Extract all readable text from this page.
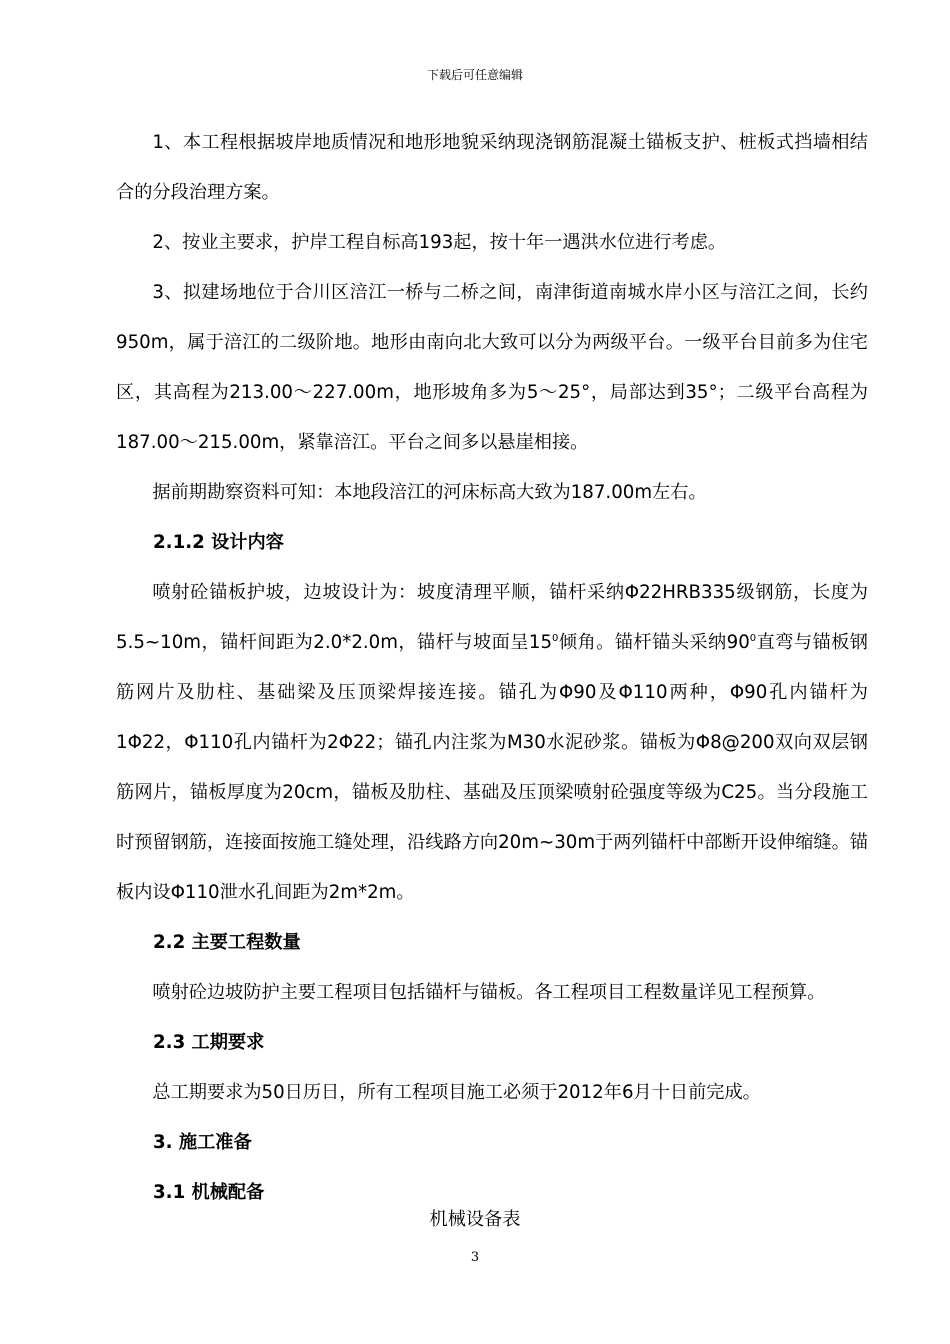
下载后可任意编辑

1、本工程根据坡岸地质情况和地形地貌采纳现浇钢筋混凝土锚板支护、桩板式挡墙相结合的分段治理方案。

2、按业主要求，护岸工程自标高193起，按十年一遇洪水位进行考虑。

3、拟建场地位于合川区涪江一桥与二桥之间，南津街道南城水岸小区与涪江之间，长约950m，属于涪江的二级阶地。地形由南向北大致可以分为两级平台。一级平台目前多为住宅区，其高程为213.00～227.00m，地形坡角多为5～25°，局部达到35°；二级平台高程为187.00～215.00m，紧靠涪江。平台之间多以悬崖相接。

据前期勘察资料可知：本地段涪江的河床标高大致为187.00m左右。

2.1.2 设计内容

喷射砼锚板护坡，边坡设计为：坡度清理平顺，锚杆采纳Φ22HRB335级钢筋，长度为5.5~10m，锚杆间距为2.0*2.0m，锚杆与坡面呈$15^0$倾角。锚杆锚头采纳$90^0$直弯与锚板钢筋网片及肋柱、基础梁及压顶梁焊接连接。锚孔为Φ90及Φ110两种，Φ90孔内锚杆为1Φ22，Φ110孔内锚杆为2Φ22；锚孔内注浆为M30水泥砂浆。锚板为Φ8@200双向双层钢筋网片，锚板厚度为20cm，锚板及肋柱、基础及压顶梁喷射砼强度等级为C25。当分段施工时预留钢筋，连接面按施工缝处理，沿线路方向20m~30m于两列锚杆中部断开设伸缩缝。锚板内设Φ110泄水孔间距为2m*2m。

2.2 主要工程数量

喷射砼边坡防护主要工程项目包括锚杆与锚板。各工程项目工程数量详见工程预算。

2.3 工期要求

总工期要求为50日历日，所有工程项目施工必须于2012年6月十日前完成。

3. 施工准备

3.1 机械配备

机械设备表

3
